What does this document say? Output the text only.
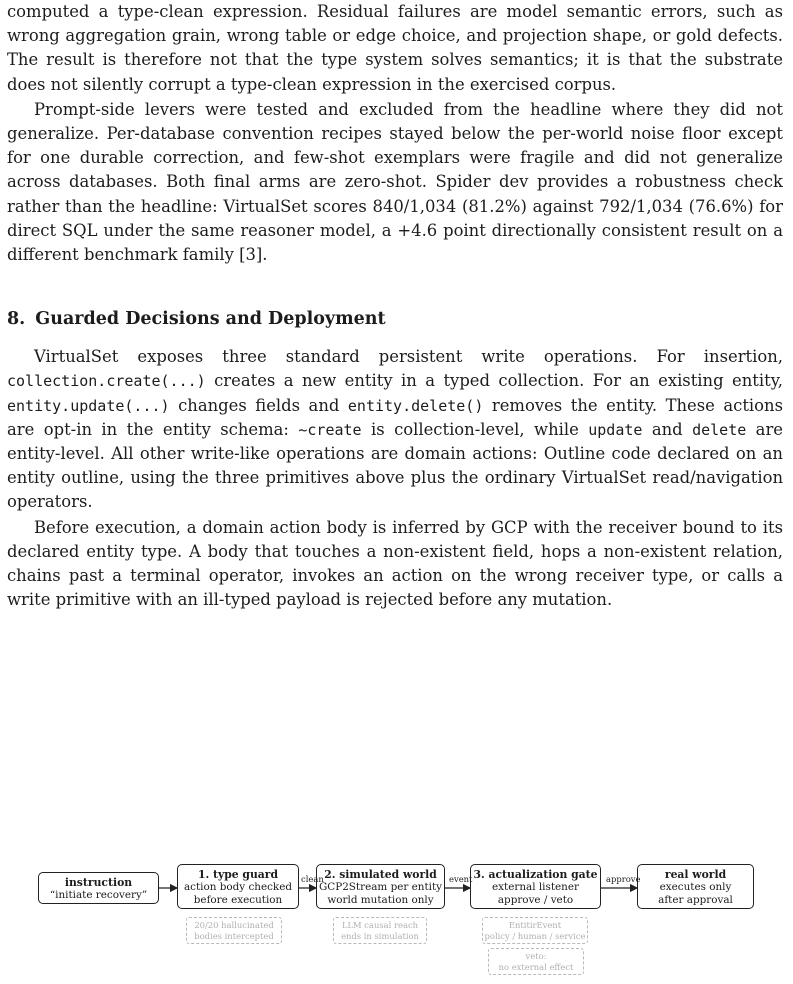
computed a type-clean expression. Residual failures are model semantic errors, such as wrong aggregation grain, wrong table or edge choice, and projection shape, or gold defects. The result is therefore not that the type system solves semantics; it is that the substrate does not silently corrupt a type-clean expression in the exercised corpus.

Prompt-side levers were tested and excluded from the headline where they did not generalize. Per-database convention recipes stayed below the per-world noise floor except for one durable correction, and few-shot exemplars were fragile and did not generalize across databases. Both final arms are zero-shot. Spider dev provides a robustness check rather than the headline: VirtualSet scores 840/1,034 (81.2%) against 792/1,034 (76.6%) for direct SQL under the same reasoner model, a +4.6 point directionally consistent result on a different benchmark family [3].

8. Guarded Decisions and Deployment

VirtualSet exposes three standard persistent write operations. For insertion, collection.create(...) creates a new entity in a typed collection. For an existing entity, entity.update(...) changes fields and entity.delete() removes the entity. These actions are opt-in in the entity schema: ~create is collection-level, while update and delete are entity-level. All other write-like operations are domain actions: Outline code declared on an entity outline, using the three primitives above plus the ordinary VirtualSet read/navigation operators.

Before execution, a domain action body is inferred by GCP with the receiver bound to its declared entity type. A body that touches a non-existent field, hops a non-existent relation, chains past a terminal operator, invokes an action on the wrong receiver type, or calls a write primitive with an ill-typed payload is rejected before any mutation.

instruction
“initiate recovery”
1. type guard
action body checked
before execution
2. simulated world
GCP2Stream per entity
world mutation only
3. actualization gate
external listener
approve / veto
real world
executes only
after approval
clean	event	approve
20/20 hallucinated
bodies intercepted
LLM causal reach
ends in simulation
EntitirEvent
policy / human / service
veto:
no external effect
